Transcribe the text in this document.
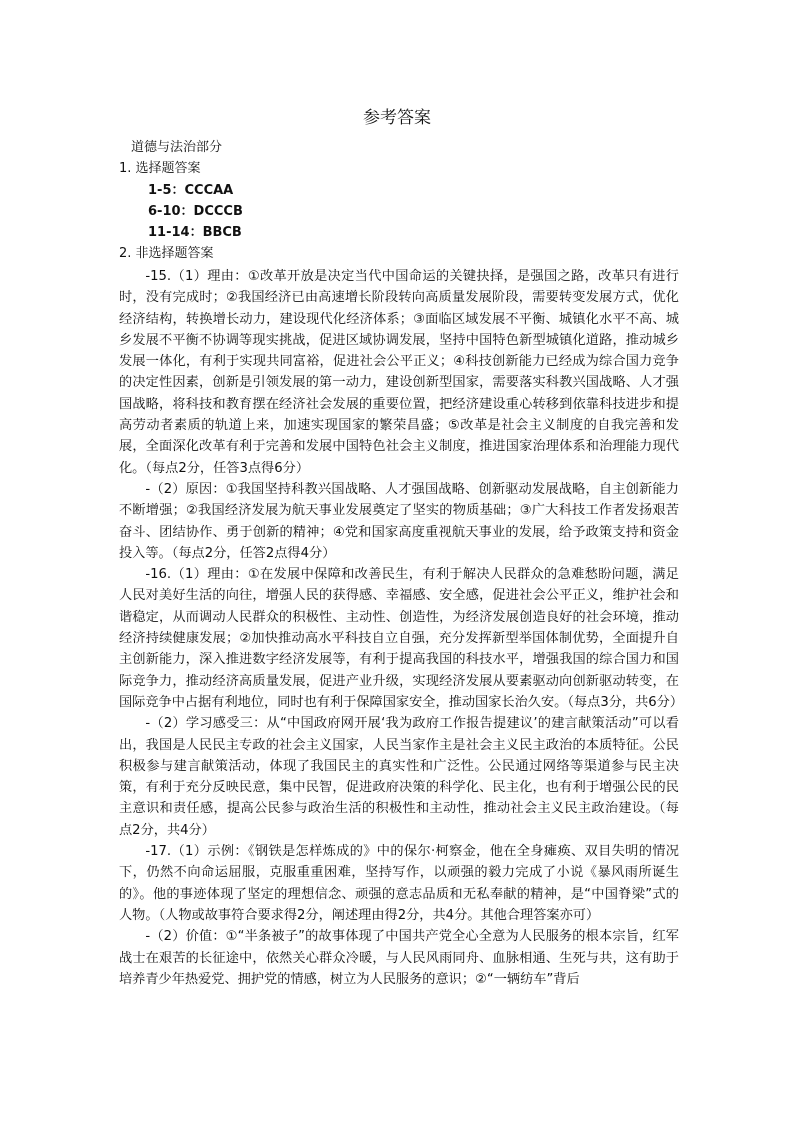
参考答案
道德与法治部分
1. 选择题答案
1-5：CCCAA
6-10：DCCCB
11-14：BBCB
2. 非选择题答案

-15.（1）理由：①改革开放是决定当代中国命运的关键抉择，是强国之路，改革只有进行时，没有完成时；②我国经济已由高速增长阶段转向高质量发展阶段，需要转变发展方式，优化经济结构，转换增长动力，建设现代化经济体系；③面临区域发展不平衡、城镇化水平不高、城乡发展不平衡不协调等现实挑战，促进区域协调发展，坚持中国特色新型城镇化道路，推动城乡发展一体化，有利于实现共同富裕，促进社会公平正义；④科技创新能力已经成为综合国力竞争的决定性因素，创新是引领发展的第一动力，建设创新型国家，需要落实科教兴国战略、人才强国战略，将科技和教育摆在经济社会发展的重要位置，把经济建设重心转移到依靠科技进步和提高劳动者素质的轨道上来，加速实现国家的繁荣昌盛；⑤改革是社会主义制度的自我完善和发展，全面深化改革有利于完善和发展中国特色社会主义制度，推进国家治理体系和治理能力现代化。（每点2分，任答3点得6分）

-（2）原因：①我国坚持科教兴国战略、人才强国战略、创新驱动发展战略，自主创新能力不断增强；②我国经济发展为航天事业发展奠定了坚实的物质基础；③广大科技工作者发扬艰苦奋斗、团结协作、勇于创新的精神；④党和国家高度重视航天事业的发展，给予政策支持和资金投入等。（每点2分，任答2点得4分）

-16.（1）理由：①在发展中保障和改善民生，有利于解决人民群众的急难愁盼问题，满足人民对美好生活的向往，增强人民的获得感、幸福感、安全感，促进社会公平正义，维护社会和谐稳定，从而调动人民群众的积极性、主动性、创造性，为经济发展创造良好的社会环境，推动经济持续健康发展；②加快推动高水平科技自立自强，充分发挥新型举国体制优势，全面提升自主创新能力，深入推进数字经济发展等，有利于提高我国的科技水平，增强我国的综合国力和国际竞争力，推动经济高质量发展，促进产业升级，实现经济发展从要素驱动向创新驱动转变，在国际竞争中占据有利地位，同时也有利于保障国家安全，推动国家长治久安。（每点3分，共6分）

-（2）学习感受三：从“中国政府网开展‘我为政府工作报告提建议’的建言献策活动”可以看出，我国是人民民主专政的社会主义国家，人民当家作主是社会主义民主政治的本质特征。公民积极参与建言献策活动，体现了我国民主的真实性和广泛性。公民通过网络等渠道参与民主决策，有利于充分反映民意，集中民智，促进政府决策的科学化、民主化，也有利于增强公民的民主意识和责任感，提高公民参与政治生活的积极性和主动性，推动社会主义民主政治建设。（每点2分，共4分）

-17.（1）示例：《钢铁是怎样炼成的》中的保尔·柯察金，他在全身瘫痪、双目失明的情况下，仍然不向命运屈服，克服重重困难，坚持写作，以顽强的毅力完成了小说《暴风雨所诞生的》。他的事迹体现了坚定的理想信念、顽强的意志品质和无私奉献的精神，是“中国脊梁”式的人物。（人物或故事符合要求得2分，阐述理由得2分，共4分。其他合理答案亦可）

-（2）价值：①“半条被子”的故事体现了中国共产党全心全意为人民服务的根本宗旨，红军战士在艰苦的长征途中，依然关心群众冷暖，与人民风雨同舟、血脉相通、生死与共，这有助于培养青少年热爱党、拥护党的情感，树立为人民服务的意识；②“一辆纺车”背后
